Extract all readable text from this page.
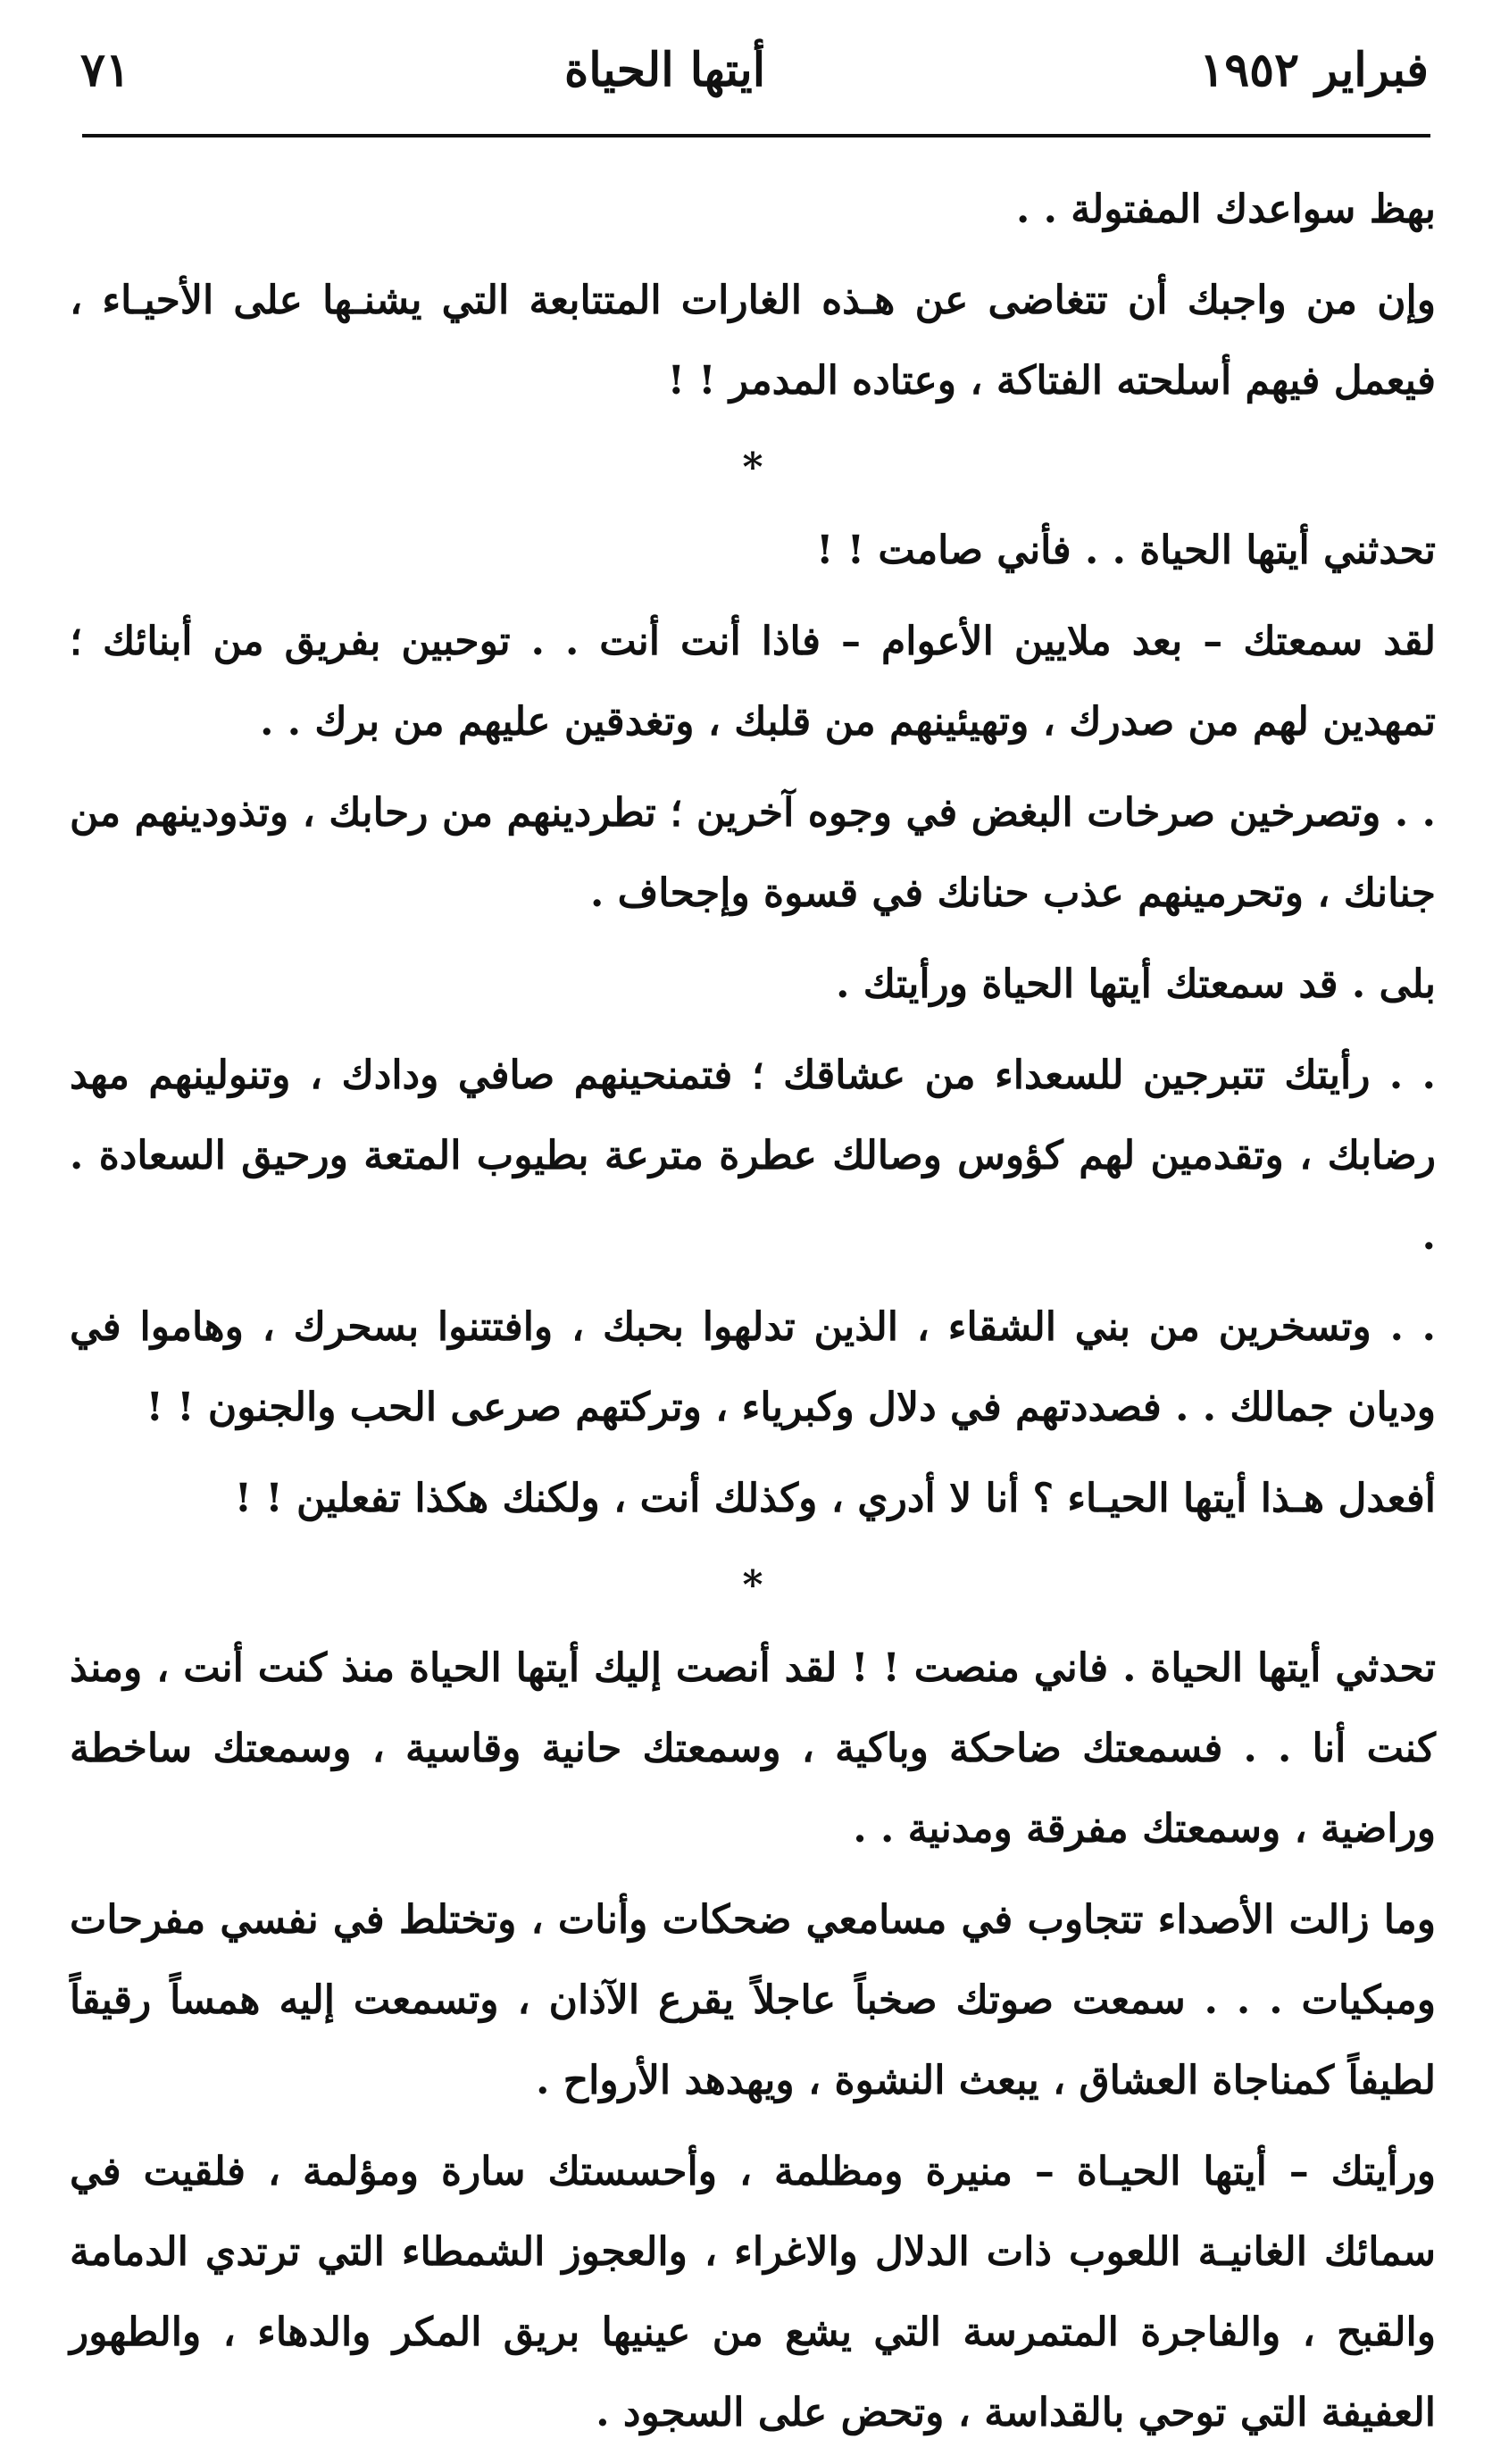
فبراير ١٩٥٢
أيتها الحياة
٧١

بهظ سواعدك المفتولة . .

وإن من واجبك أن تتغاضى عن هـذه الغارات المتتابعة التي يشنـها على الأحيـاء ، فيعمل فيهم أسلحته الفتاكة ، وعتاده المدمر ! !

*

تحدثني أيتها الحياة . . فأني صامت ! !

لقد سمعتك – بعد ملايين الأعوام – فاذا أنت أنت . . توحبين بفريق من أبنائك ؛ تمهدين لهم من صدرك ، وتهيئينهم من قلبك ، وتغدقين عليهم من برك . .

. . وتصرخين صرخات البغض في وجوه آخرين ؛ تطردينهم من رحابك ، وتذودينهم من جنانك ، وتحرمينهم عذب حنانك في قسوة وإجحاف .

بلى . قد سمعتك أيتها الحياة ورأيتك .

. . رأيتك تتبرجين للسعداء من عشاقك ؛ فتمنحينهم صافي ودادك ، وتنولينهم مهد رضابك ، وتقدمين لهم كؤوس وصالك عطرة مترعة بطيوب المتعة ورحيق السعادة . .

. . وتسخرين من بني الشقاء ، الذين تدلهوا بحبك ، وافتتنوا بسحرك ، وهاموا في وديان جمالك . . فصددتهم في دلال وكبرياء ، وتركتهم صرعى الحب والجنون ! !

أفعدل هـذا أيتها الحيـاء ؟ أنا لا أدري ، وكذلك أنت ، ولكنك هكذا تفعلين ! !

*

تحدثي أيتها الحياة . فاني منصت ! ! لقد أنصت إليك أيتها الحياة منذ كنت أنت ، ومنذ كنت أنا . . فسمعتك ضاحكة وباكية ، وسمعتك حانية وقاسية ، وسمعتك ساخطة وراضية ، وسمعتك مفرقة ومدنية . .

وما زالت الأصداء تتجاوب في مسامعي ضحكات وأنات ، وتختلط في نفسي مفرحات ومبكيات . . . سمعت صوتك صخباً عاجلاً يقرع الآذان ، وتسمعت إليه همساً رقيقاً لطيفاً كمناجاة العشاق ، يبعث النشوة ، ويهدهد الأرواح .

ورأيتك – أيتها الحيـاة – منيرة ومظلمة ، وأحسستك سارة ومؤلمة ، فلقيت في سمائك الغانيـة اللعوب ذات الدلال والاغراء ، والعجوز الشمطاء التي ترتدي الدمامة والقبح ، والفاجرة المتمرسة التي يشع من عينيها بريق المكر والدهاء ، والطهور العفيفة التي توحي بالقداسة ، وتحض على السجود .
